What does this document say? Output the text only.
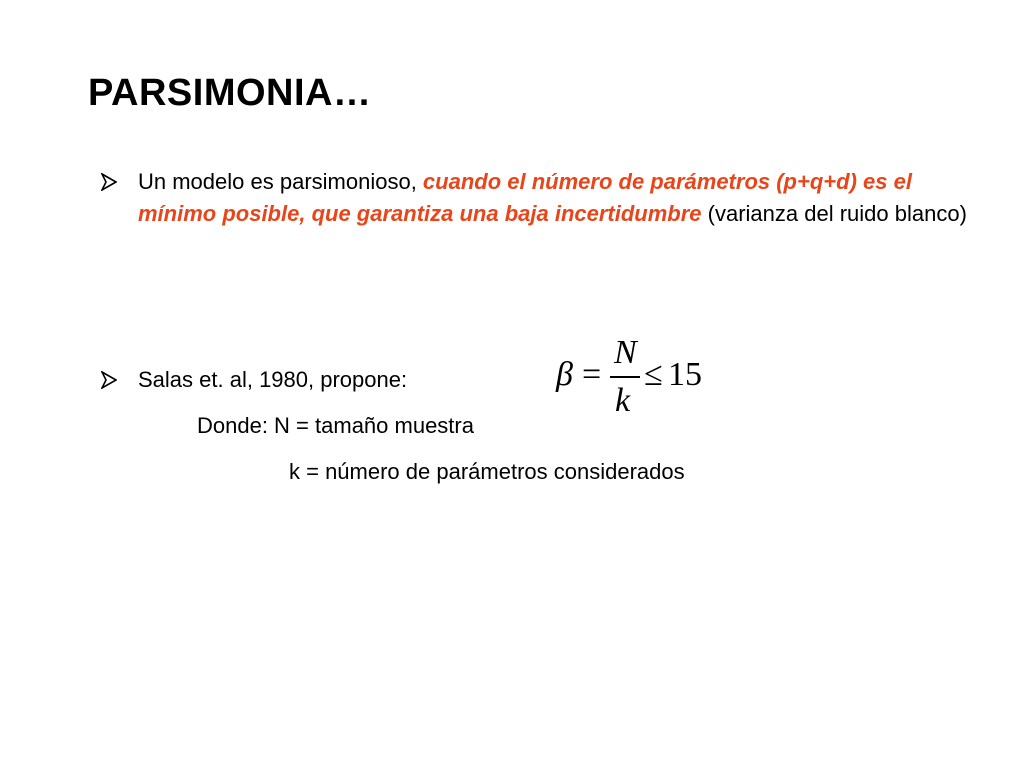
PARSIMONIA…
Un modelo es parsimonioso, cuando el número de parámetros (p+q+d) es el mínimo posible, que garantiza una baja incertidumbre (varianza del ruido blanco)
Salas et. al, 1980, propone:	β =
N
k
≤ 15
Donde: N = tamaño muestra
k = número de parámetros considerados
